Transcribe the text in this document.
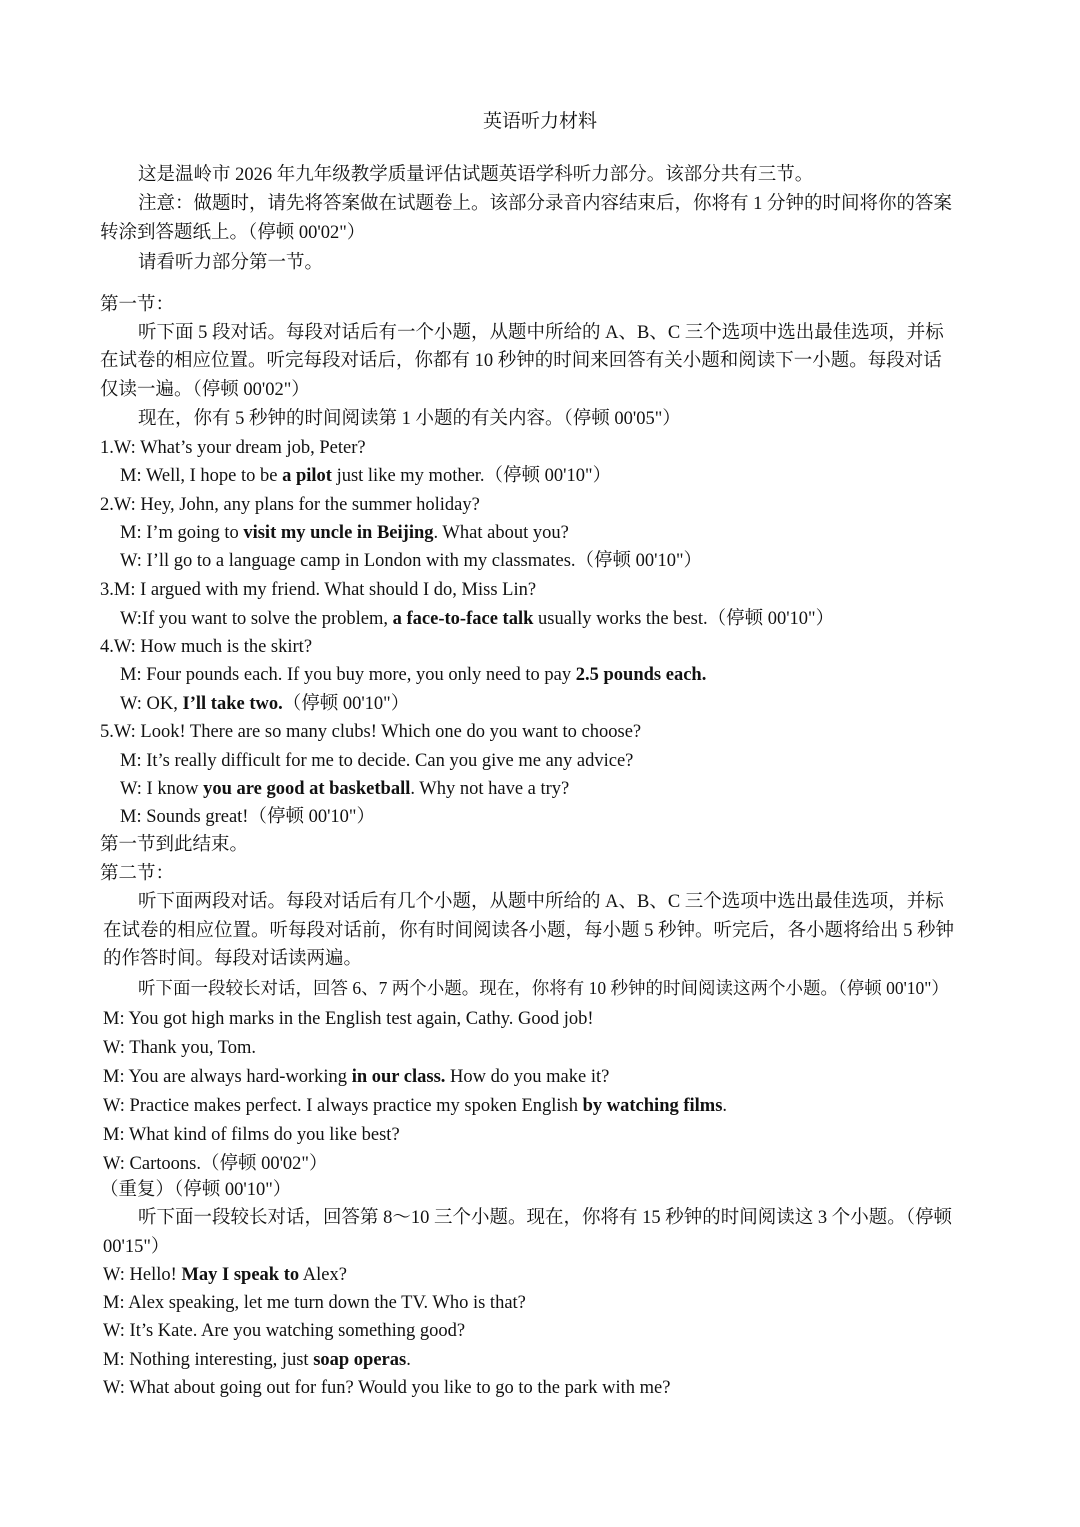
英语听力材料
这是温岭市 2026 年九年级教学质量评估试题英语学科听力部分。该部分共有三节。
注意：做题时，请先将答案做在试题卷上。该部分录音内容结束后，你将有 1 分钟的时间将你的答案
转涂到答题纸上。（停顿 00'02"）
请看听力部分第一节。
第一节：
听下面 5 段对话。每段对话后有一个小题，从题中所给的 A、B、C 三个选项中选出最佳选项，并标
在试卷的相应位置。听完每段对话后，你都有 10 秒钟的时间来回答有关小题和阅读下一小题。每段对话
仅读一遍。（停顿 00'02"）
现在，你有 5 秒钟的时间阅读第 1 小题的有关内容。（停顿 00'05"）
1.W: What’s your dream job, Peter?
M: Well, I hope to be a pilot just like my mother.（停顿 00'10"）
2.W: Hey, John, any plans for the summer holiday?
M: I’m going to visit my uncle in Beijing. What about you?
W: I’ll go to a language camp in London with my classmates.（停顿 00'10"）
3.M: I argued with my friend. What should I do, Miss Lin?
W:If you want to solve the problem, a face-to-face talk usually works the best.（停顿 00'10"）
4.W: How much is the skirt?
M: Four pounds each. If you buy more, you only need to pay 2.5 pounds each.
W: OK, I’ll take two.（停顿 00'10"）
5.W: Look! There are so many clubs! Which one do you want to choose?
M: It’s really difficult for me to decide. Can you give me any advice?
W: I know you are good at basketball. Why not have a try?
M: Sounds great!（停顿 00'10"）
第一节到此结束。
第二节：
听下面两段对话。每段对话后有几个小题，从题中所给的 A、B、C 三个选项中选出最佳选项，并标
在试卷的相应位置。听每段对话前，你有时间阅读各小题，每小题 5 秒钟。听完后，各小题将给出 5 秒钟
的作答时间。每段对话读两遍。
听下面一段较长对话，回答 6、7 两个小题。现在，你将有 10 秒钟的时间阅读这两个小题。（停顿 00'10"）
M: You got high marks in the English test again, Cathy. Good job!
W: Thank you, Tom.
M: You are always hard-working in our class. How do you make it?
W: Practice makes perfect. I always practice my spoken English by watching films.
M: What kind of films do you like best?
W: Cartoons.（停顿 00'02"）
（重复）（停顿 00'10"）
听下面一段较长对话，回答第 8～10 三个小题。现在，你将有 15 秒钟的时间阅读这 3 个小题。（停顿
00'15"）
W: Hello! May I speak to Alex?
M: Alex speaking, let me turn down the TV. Who is that?
W: It’s Kate. Are you watching something good?
M: Nothing interesting, just soap operas.
W: What about going out for fun? Would you like to go to the park with me?
